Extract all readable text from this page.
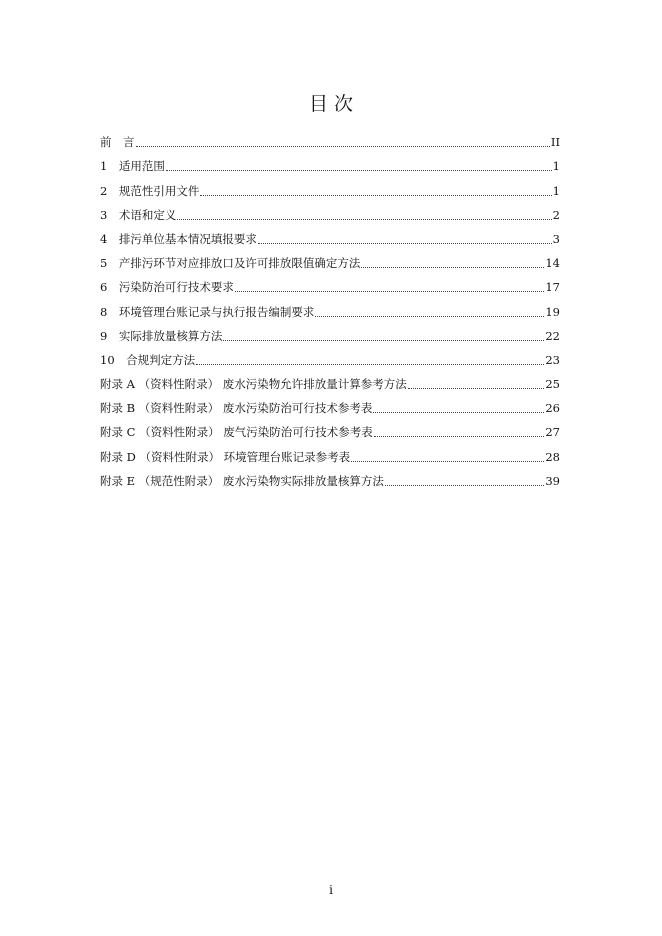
目 次
前　言	II
1　适用范围	1
2　规范性引用文件	1
3　术语和定义	2
4　排污单位基本情况填报要求	3
5　产排污环节对应排放口及许可排放限值确定方法	14
6　污染防治可行技术要求	17
8　环境管理台账记录与执行报告编制要求	19
9　实际排放量核算方法	22
10　合规判定方法	23
附录 A （资料性附录） 废水污染物允许排放量计算参考方法	25
附录 B （资料性附录） 废水污染防治可行技术参考表	26
附录 C （资料性附录） 废气污染防治可行技术参考表	27
附录 D （资料性附录） 环境管理台账记录参考表	28
附录 E （规范性附录） 废水污染物实际排放量核算方法	39
i
